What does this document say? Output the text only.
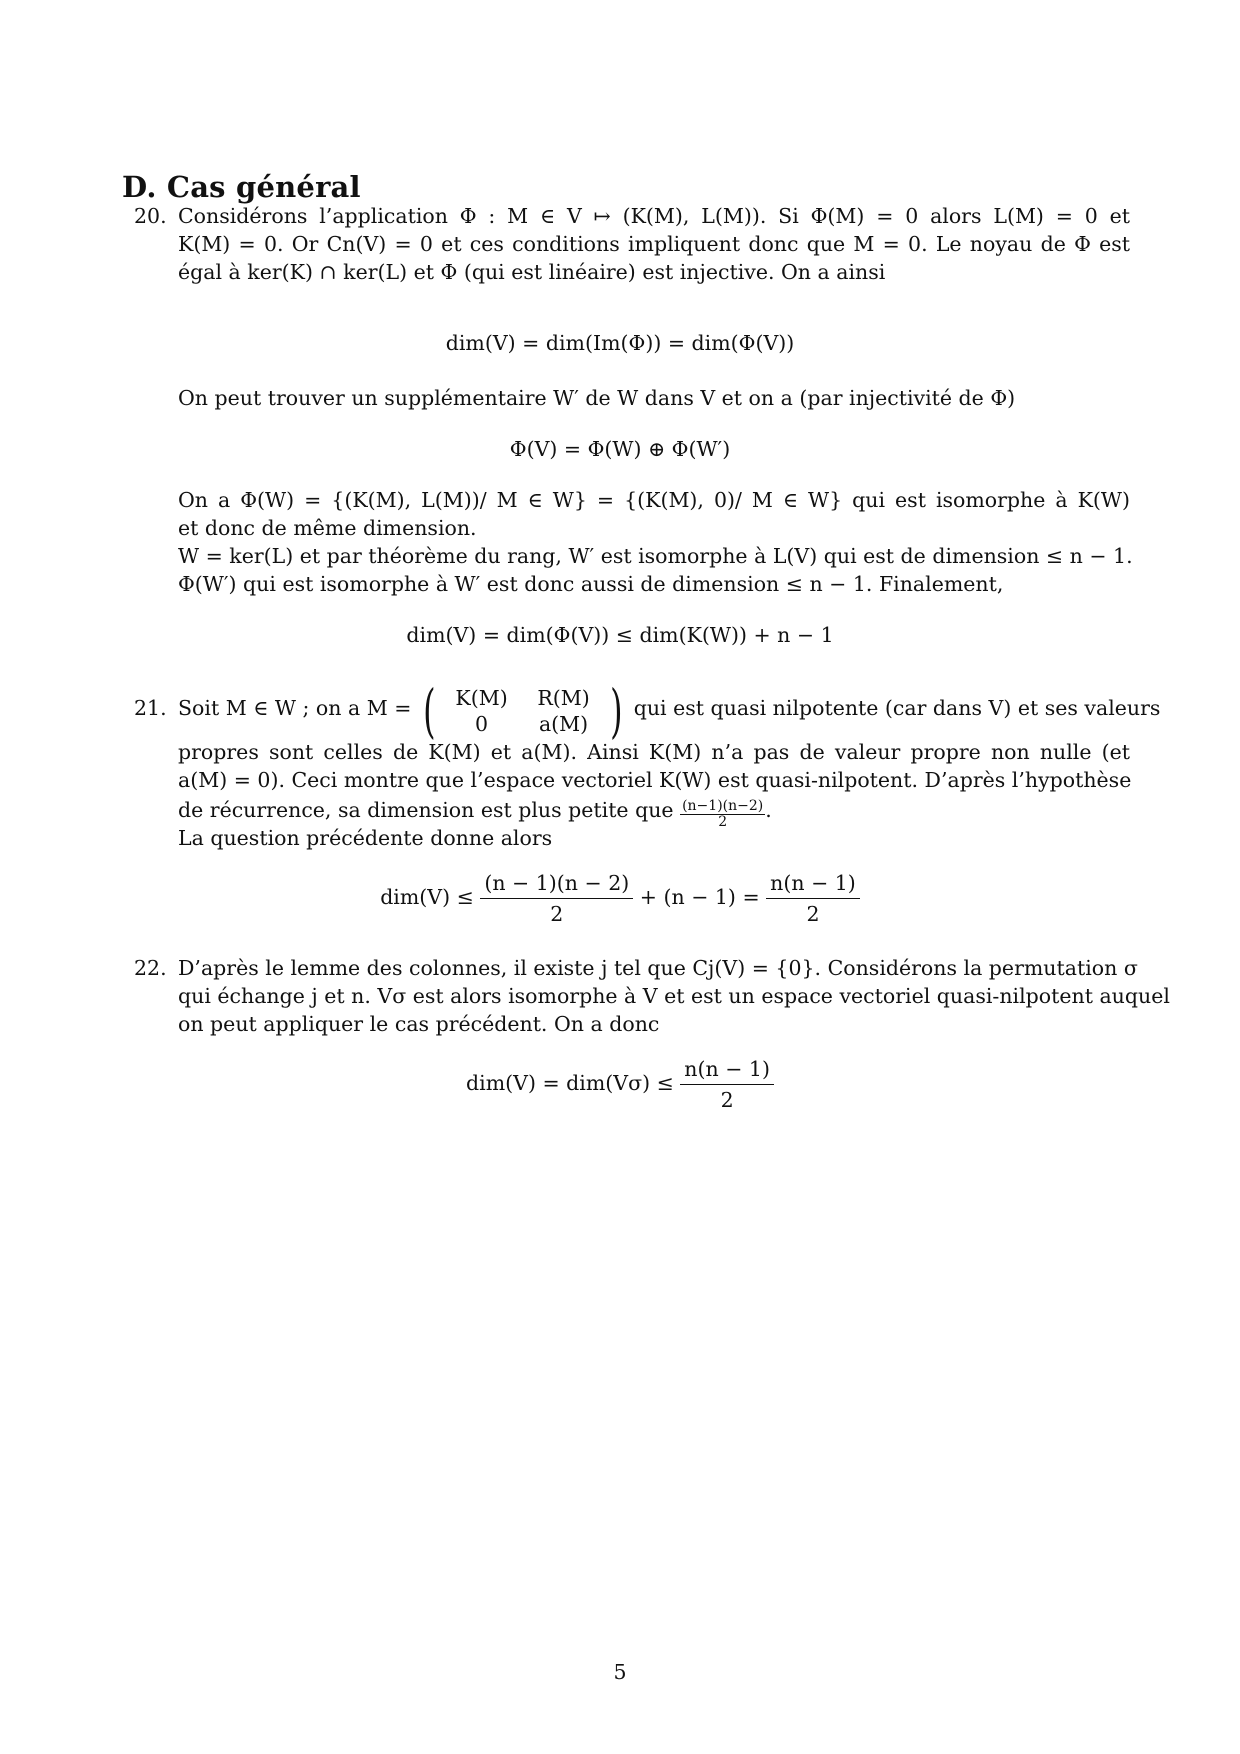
D. Cas général
20. Considérons l’application Φ : M ∈ V ↦ (K(M), L(M)). Si Φ(M) = 0 alors L(M) = 0 et
K(M) = 0. Or Cn(V) = 0 et ces conditions impliquent donc que M = 0. Le noyau de Φ est
égal à ker(K) ∩ ker(L) et Φ (qui est linéaire) est injective. On a ainsi
dim(V) = dim(Im(Φ)) = dim(Φ(V))
On peut trouver un supplémentaire W′ de W dans V et on a (par injectivité de Φ)
Φ(V) = Φ(W) ⊕ Φ(W′)
On a Φ(W) = {(K(M), L(M))/ M ∈ W} = {(K(M), 0)/ M ∈ W} qui est isomorphe à K(W)
et donc de même dimension.
W = ker(L) et par théorème du rang, W′ est isomorphe à L(V) qui est de dimension ≤ n − 1.
Φ(W′) qui est isomorphe à W′ est donc aussi de dimension ≤ n − 1. Finalement,
dim(V) = dim(Φ(V)) ≤ dim(K(W)) + n − 1
21. Soit M ∈ W ; on a M = ( K(M)	R(M)
0	a(M) ) qui est quasi nilpotente (car dans V) et ses valeurs
propres sont celles de K(M) et a(M). Ainsi K(M) n’a pas de valeur propre non nulle (et
a(M) = 0). Ceci montre que l’espace vectoriel K(W) est quasi-nilpotent. D’après l’hypothèse
de récurrence, sa dimension est plus petite que $\frac{(n-1)(n-2)}{2}$ .
La question précédente donne alors
$dim(V) \le \frac{(n - 1)(n - 2)}{2} + (n - 1) = \frac{n(n - 1)}{2}$
22. D’après le lemme des colonnes, il existe j tel que Cj(V) = {0}. Considérons la permutation σ
qui échange j et n. Vσ est alors isomorphe à V et est un espace vectoriel quasi-nilpotent auquel
on peut appliquer le cas précédent. On a donc
$dim(V) = dim(V\sigma) \le \frac{n(n - 1)}{2}$
5
